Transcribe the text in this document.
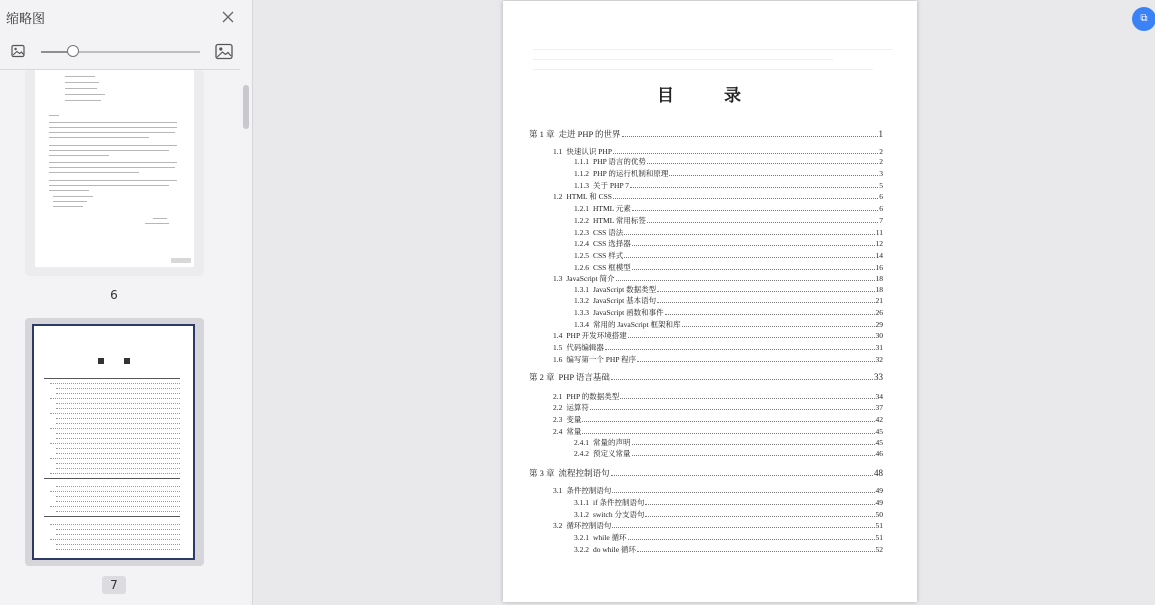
缩略图
6
7
目 录
第 1 章 走进 PHP 的世界	1
1.1 快速认识 PHP	2
1.1.1 PHP 语言的优势	2
1.1.2 PHP 的运行机制和原理	3
1.1.3 关于 PHP 7	5
1.2 HTML 和 CSS	6
1.2.1 HTML 元素	6
1.2.2 HTML 常用标签	7
1.2.3 CSS 语法	11
1.2.4 CSS 选择器	12
1.2.5 CSS 样式	14
1.2.6 CSS 框模型	16
1.3 JavaScript 简介	18
1.3.1 JavaScript 数据类型	18
1.3.2 JavaScript 基本语句	21
1.3.3 JavaScript 函数和事件	26
1.3.4 常用的 JavaScript 框架和库	29
1.4 PHP 开发环境搭建	30
1.5 代码编辑器	31
1.6 编写第一个 PHP 程序	32
第 2 章 PHP 语言基础	33
2.1 PHP 的数据类型	34
2.2 运算符	37
2.3 变量	42
2.4 常量	45
2.4.1 常量的声明	45
2.4.2 预定义常量	46
第 3 章 流程控制语句	48
3.1 条件控制语句	49
3.1.1 if 条件控制语句	49
3.1.2 switch 分支语句	50
3.2 循环控制语句	51
3.2.1 while 循环	51
3.2.2 do while 循环	52
⧉
